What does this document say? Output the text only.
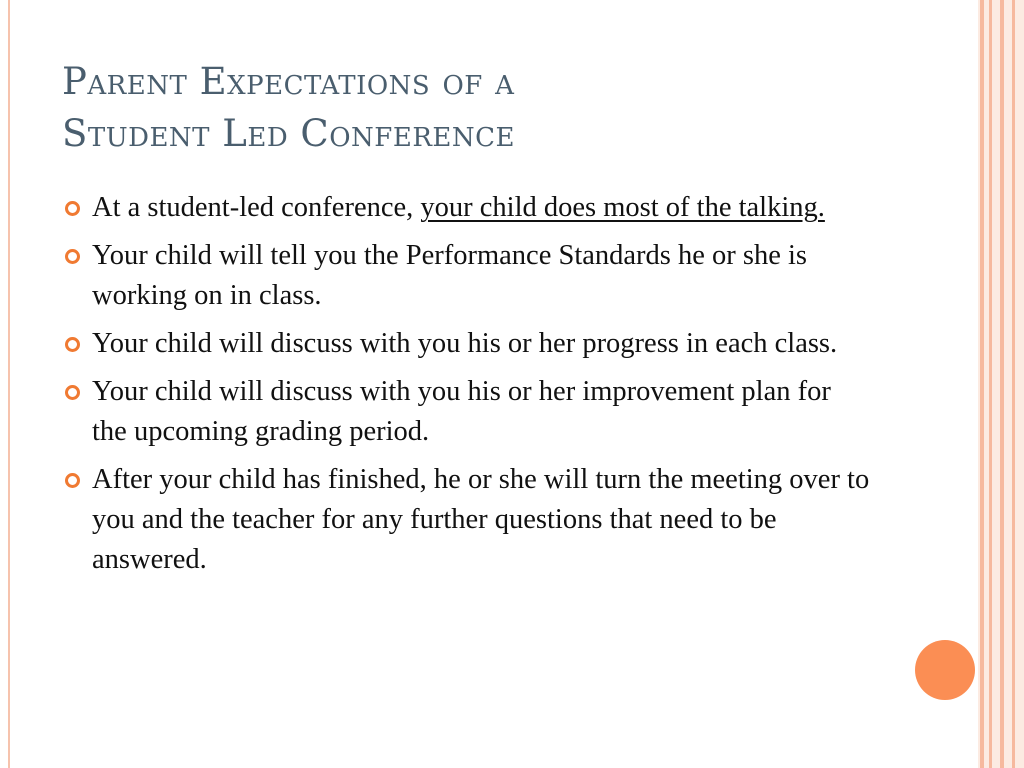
Parent Expectations of a
Student Led Conference
At a student-led conference, your child does most of the talking.
Your child will tell you the Performance Standards he or she is working on in class.
Your child will discuss with you his or her progress in each class.
Your child will discuss with you his or her improvement plan for the upcoming grading period.
After your child has finished, he or she will turn the meeting over to you and the teacher for any further questions that need to be answered.
